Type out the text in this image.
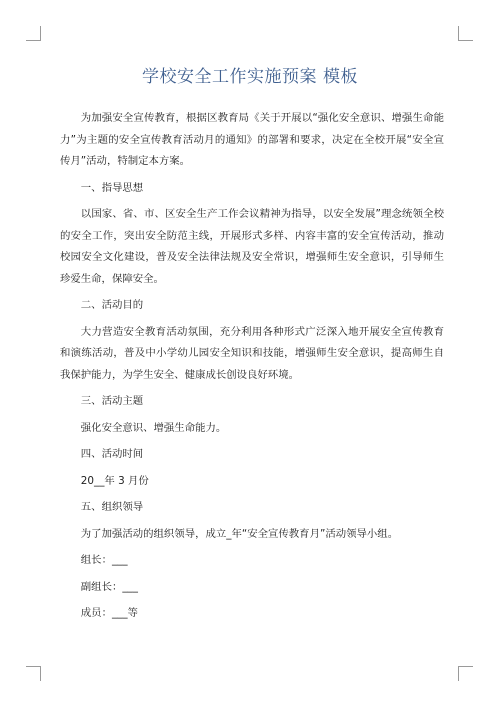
学校安全工作实施预案 模板

为加强安全宣传教育，根据区教育局《关于开展以“强化安全意识、增强生命能力”为主题的安全宣传教育活动月的通知》的部署和要求，决定在全校开展“安全宣传月”活动，特制定本方案。

一、指导思想

以国家、省、市、区安全生产工作会议精神为指导，以安全发展”理念统领全校的安全工作，突出安全防范主线，开展形式多样、内容丰富的安全宣传活动，推动校园安全文化建设，普及安全法律法规及安全常识，增强师生安全意识，引导师生珍爱生命，保障安全。

二、活动目的

大力营造安全教育活动氛围，充分利用各种形式广泛深入地开展安全宣传教育和演练活动，普及中小学幼儿园安全知识和技能，增强师生安全意识，提高师生自我保护能力，为学生安全、健康成长创设良好环境。

三、活动主题

强化安全意识、增强生命能力。

四、活动时间

20__年 3 月份

五、组织领导

为了加强活动的组织领导，成立_年“安全宣传教育月”活动领导小组。

组长：___

副组长：___

成员：___等
